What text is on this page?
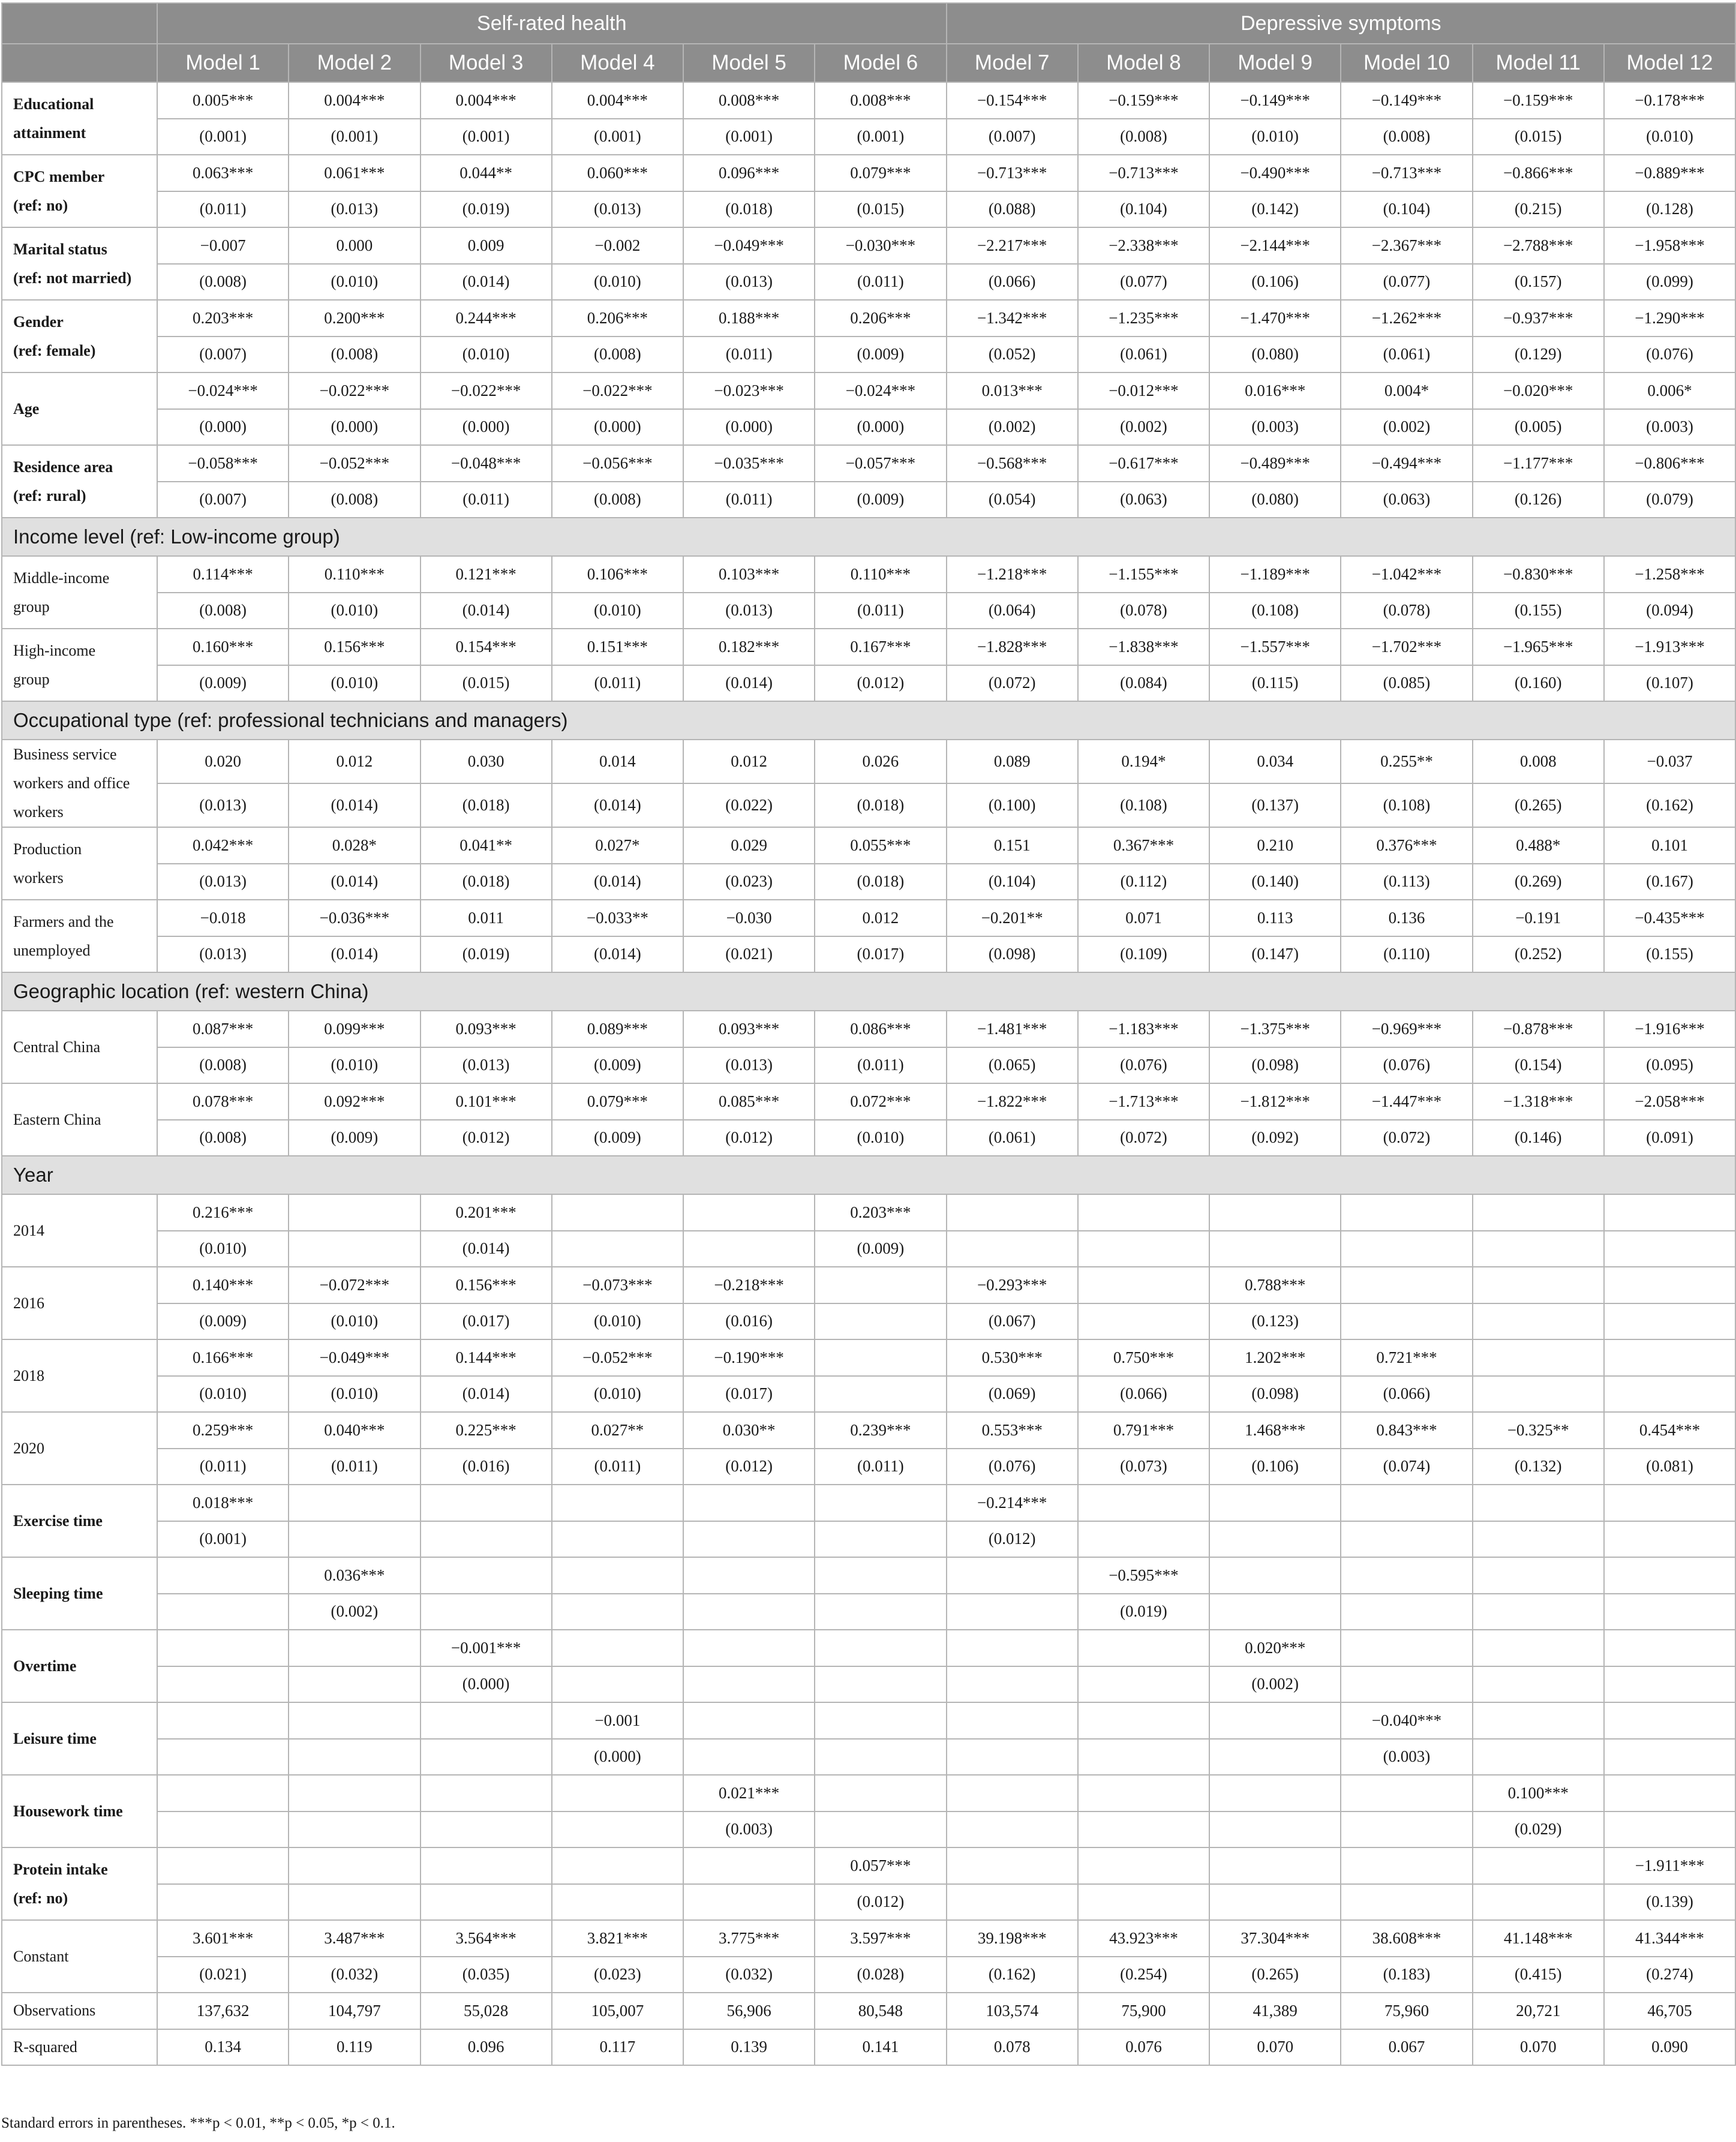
	Self-rated health						Depressive symptoms					
	Model 1	Model 2	Model 3	Model 4	Model 5	Model 6	Model 7	Model 8	Model 9	Model 10	Model 11	Model 12

Educational
attainment	0.005***	0.004***	0.004***	0.004***	0.008***	0.008***	−0.154***	−0.159***	−0.149***	−0.149***	−0.159***	−0.178***
	(0.001)	(0.001)	(0.001)	(0.001)	(0.001)	(0.001)	(0.007)	(0.008)	(0.010)	(0.008)	(0.015)	(0.010)

CPC member
(ref: no)	0.063***	0.061***	0.044**	0.060***	0.096***	0.079***	−0.713***	−0.713***	−0.490***	−0.713***	−0.866***	−0.889***
	(0.011)	(0.013)	(0.019)	(0.013)	(0.018)	(0.015)	(0.088)	(0.104)	(0.142)	(0.104)	(0.215)	(0.128)

Marital status
(ref: not married)	−0.007	0.000	0.009	−0.002	−0.049***	−0.030***	−2.217***	−2.338***	−2.144***	−2.367***	−2.788***	−1.958***
	(0.008)	(0.010)	(0.014)	(0.010)	(0.013)	(0.011)	(0.066)	(0.077)	(0.106)	(0.077)	(0.157)	(0.099)

Gender
(ref: female)	0.203***	0.200***	0.244***	0.206***	0.188***	0.206***	−1.342***	−1.235***	−1.470***	−1.262***	−0.937***	−1.290***
	(0.007)	(0.008)	(0.010)	(0.008)	(0.011)	(0.009)	(0.052)	(0.061)	(0.080)	(0.061)	(0.129)	(0.076)

Age	−0.024***	−0.022***	−0.022***	−0.022***	−0.023***	−0.024***	0.013***	−0.012***	0.016***	0.004*	−0.020***	0.006*
	(0.000)	(0.000)	(0.000)	(0.000)	(0.000)	(0.000)	(0.002)	(0.002)	(0.003)	(0.002)	(0.005)	(0.003)

Residence area
(ref: rural)	−0.058***	−0.052***	−0.048***	−0.056***	−0.035***	−0.057***	−0.568***	−0.617***	−0.489***	−0.494***	−1.177***	−0.806***
	(0.007)	(0.008)	(0.011)	(0.008)	(0.011)	(0.009)	(0.054)	(0.063)	(0.080)	(0.063)	(0.126)	(0.079)
Income level (ref: Low-income group)												

Middle-income
group	0.114***	0.110***	0.121***	0.106***	0.103***	0.110***	−1.218***	−1.155***	−1.189***	−1.042***	−0.830***	−1.258***
	(0.008)	(0.010)	(0.014)	(0.010)	(0.013)	(0.011)	(0.064)	(0.078)	(0.108)	(0.078)	(0.155)	(0.094)

High-income
group	0.160***	0.156***	0.154***	0.151***	0.182***	0.167***	−1.828***	−1.838***	−1.557***	−1.702***	−1.965***	−1.913***
	(0.009)	(0.010)	(0.015)	(0.011)	(0.014)	(0.012)	(0.072)	(0.084)	(0.115)	(0.085)	(0.160)	(0.107)
Occupational type (ref: professional technicians and managers)												

Business service
workers and office
workers	0.020	0.012	0.030	0.014	0.012	0.026	0.089	0.194*	0.034	0.255**	0.008	−0.037
	(0.013)	(0.014)	(0.018)	(0.014)	(0.022)	(0.018)	(0.100)	(0.108)	(0.137)	(0.108)	(0.265)	(0.162)

Production
workers	0.042***	0.028*	0.041**	0.027*	0.029	0.055***	0.151	0.367***	0.210	0.376***	0.488*	0.101
	(0.013)	(0.014)	(0.018)	(0.014)	(0.023)	(0.018)	(0.104)	(0.112)	(0.140)	(0.113)	(0.269)	(0.167)

Farmers and the
unemployed	−0.018	−0.036***	0.011	−0.033**	−0.030	0.012	−0.201**	0.071	0.113	0.136	−0.191	−0.435***
	(0.013)	(0.014)	(0.019)	(0.014)	(0.021)	(0.017)	(0.098)	(0.109)	(0.147)	(0.110)	(0.252)	(0.155)
Geographic location (ref: western China)												

Central China	0.087***	0.099***	0.093***	0.089***	0.093***	0.086***	−1.481***	−1.183***	−1.375***	−0.969***	−0.878***	−1.916***
	(0.008)	(0.010)	(0.013)	(0.009)	(0.013)	(0.011)	(0.065)	(0.076)	(0.098)	(0.076)	(0.154)	(0.095)

Eastern China	0.078***	0.092***	0.101***	0.079***	0.085***	0.072***	−1.822***	−1.713***	−1.812***	−1.447***	−1.318***	−2.058***
	(0.008)	(0.009)	(0.012)	(0.009)	(0.012)	(0.010)	(0.061)	(0.072)	(0.092)	(0.072)	(0.146)	(0.091)
Year												

2014	0.216***		0.201***			0.203***						
	(0.010)		(0.014)			(0.009)						

2016	0.140***	−0.072***	0.156***	−0.073***	−0.218***		−0.293***		0.788***			
	(0.009)	(0.010)	(0.017)	(0.010)	(0.016)		(0.067)		(0.123)			

2018	0.166***	−0.049***	0.144***	−0.052***	−0.190***		0.530***	0.750***	1.202***	0.721***		
	(0.010)	(0.010)	(0.014)	(0.010)	(0.017)		(0.069)	(0.066)	(0.098)	(0.066)		

2020	0.259***	0.040***	0.225***	0.027**	0.030**	0.239***	0.553***	0.791***	1.468***	0.843***	−0.325**	0.454***
	(0.011)	(0.011)	(0.016)	(0.011)	(0.012)	(0.011)	(0.076)	(0.073)	(0.106)	(0.074)	(0.132)	(0.081)

Exercise time	0.018***						−0.214***					
	(0.001)						(0.012)					

Sleeping time		0.036***						−0.595***				
		(0.002)						(0.019)				

Overtime			−0.001***						0.020***			
			(0.000)						(0.002)			

Leisure time				−0.001						−0.040***		
				(0.000)						(0.003)		

Housework time					0.021***						0.100***	
					(0.003)						(0.029)	

Protein intake
(ref: no)						0.057***						−1.911***
						(0.012)						(0.139)

Constant	3.601***	3.487***	3.564***	3.821***	3.775***	3.597***	39.198***	43.923***	37.304***	38.608***	41.148***	41.344***
	(0.021)	(0.032)	(0.035)	(0.023)	(0.032)	(0.028)	(0.162)	(0.254)	(0.265)	(0.183)	(0.415)	(0.274)
Observations	137,632	104,797	55,028	105,007	56,906	80,548	103,574	75,900	41,389	75,960	20,721	46,705
R-squared	0.134	0.119	0.096	0.117	0.139	0.141	0.078	0.076	0.070	0.067	0.070	0.090
Standard errors in parentheses. ***p < 0.01, **p < 0.05, *p < 0.1.
